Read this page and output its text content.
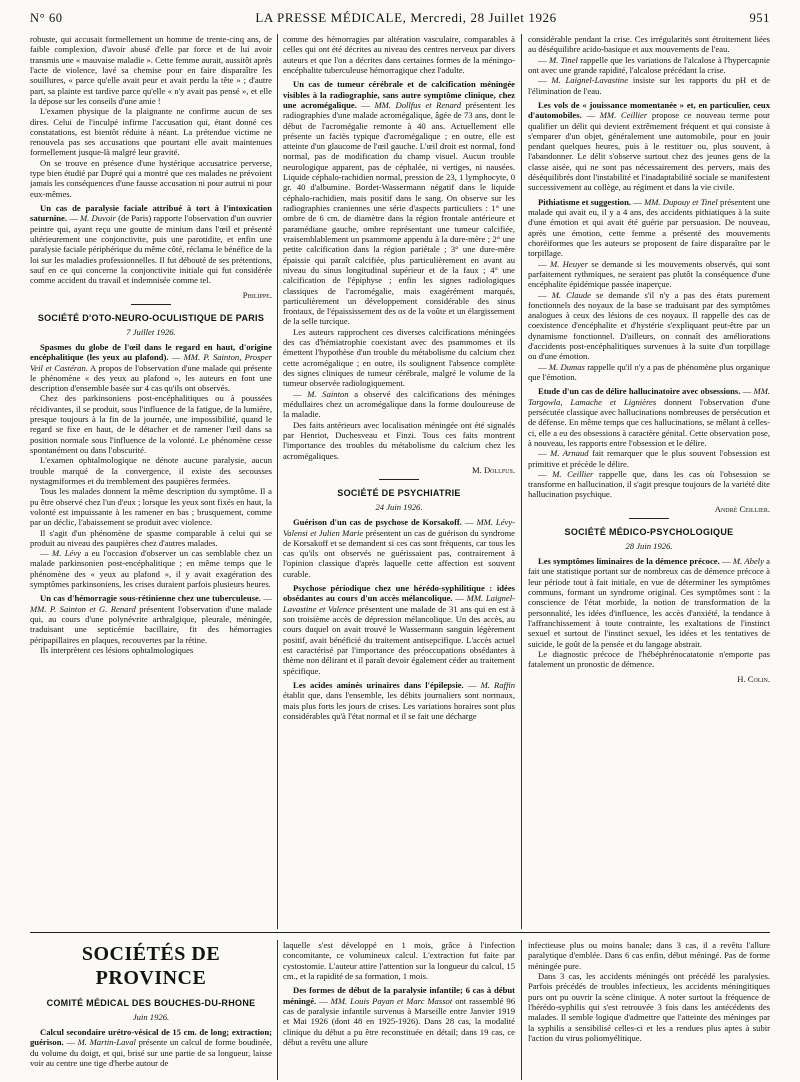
N° 60	LA PRESSE MÉDICALE, Mercredi, 28 Juillet 1926	951

robuste, qui accusait formellement un homme de trente-cinq ans, de faible complexion, d'avoir abusé d'elle par force et de lui avoir transmis une « mauvaise maladie ». Cette femme aurait, aussitôt après l'acte de violence, lavé sa chemise pour en faire disparaître les souillures, « parce qu'elle avait peur et avait perdu la tête » ; d'autre part, sa plainte est tardive parce qu'elle « n'y avait pas pensé », et elle la dépose sur les conseils d'une amie !

L'examen physique de la plaignante ne confirme aucun de ses dires. Celui de l'inculpé infirme l'accusation qui, étant donné ces constatations, est bientôt réduite à néant. La prétendue victime ne renouvela pas ses accusations que pourtant elle avait maintenues formellement jusque-là malgré leur gravité.

On se trouve en présence d'une hystérique accusatrice perverse, type bien étudié par Dupré qui a montré que ces malades ne prévoient jamais les conséquences d'une fausse accusation ni pour autrui ni pour eux-mêmes.

Un cas de paralysie faciale attribué à tort à l'intoxication saturnine. — M. Duvoir (de Paris) rapporte l'observation d'un ouvrier peintre qui, ayant reçu une goutte de minium dans l'œil et présenté ultérieurement une conjonctivite, puis une parotidite, et enfin une paralysie faciale périphérique du même côté, réclama le bénéfice de la loi sur les maladies professionnelles. Il fut débouté de ses prétentions, sauf en ce qui concerne la conjonctivite initiale qui fut considérée comme accident du travail et indemnisée comme tel.

Philippe.
SOCIÉTÉ D'OTO-NEURO-OCULISTIQUE DE PARIS
7 Juillet 1926.

Spasmes du globe de l'œil dans le regard en haut, d'origine encéphalitique (les yeux au plafond). — MM. P. Sainton, Prosper Veil et Castéran. A propos de l'observation d'une malade qui présente le phénomène « des yeux au plafond », les auteurs en font une description d'ensemble basée sur 4 cas qu'ils ont observés.

Chez des parkinsoniens post-encéphalitiques ou à poussées récidivantes, il se produit, sous l'influence de la fatigue, de la lumière, presque toujours à la fin de la journée, une impossibilité, quand le regard se fixe en haut, de le détacher et de ramener l'œil dans sa position normale sous l'influence de la volonté. Le phénomène cesse spontanément ou dans l'obscurité.

L'examen ophtalmologique ne dénote aucune paralysie, aucun trouble marqué de la convergence, il existe des secousses nystagmiformes et du tremblement des paupières fermées.

Tous les malades donnent la même description du symptôme. Il a pu être observé chez l'un d'eux ; lorsque les yeux sont fixés en haut, la volonté est impuissante à les ramener en bas ; brusquement, comme par un déclic, l'abaissement se produit avec violence.

Il s'agit d'un phénomène de spasme comparable à celui qui se produit au niveau des paupières chez d'autres malades.

— M. Lévy a eu l'occasion d'observer un cas semblable chez un malade parkinsonien post-encéphalitique ; en même temps que le phénomène des « yeux au plafond », il y avait exagération des symptômes parkinsoniens, les crises duraient parfois plusieurs heures.

Un cas d'hémorragie sous-rétinienne chez une tuberculeuse. — MM. P. Sainton et G. Renard présentent l'observation d'une malade qui, au cours d'une polynévrite arthralgique, pleurale, méningée, traduisant une septicémie bacillaire, fit des hémorragies péripapillaires en plaques, recouvertes par la rétine.

Ils interprètent ces lésions ophtalmologiques

comme des hémorragies par altération vasculaire, comparables à celles qui ont été décrites au niveau des centres nerveux par divers auteurs et que l'on a décrites dans certaines formes de la méningo-encéphalite tuberculeuse hémorragique chez l'adulte.

Un cas de tumeur cérébrale et de calcification méningée visibles à la radiographie, sans autre symptôme clinique, chez une acromégalique. — MM. Dollfus et Renard présentent les radiographies d'une malade acromégalique, âgée de 73 ans, dont le début de l'acromégalie remonte à 40 ans. Actuellement elle présente un faciès typique d'acromégalique ; en outre, elle est atteinte d'un glaucome de l'œil gauche. L'œil droit est normal, fond normal, pas de modification du champ visuel. Aucun trouble neurologique apparent, pas de céphalée, ni vertiges, ni nausées. Liquide céphalo-rachidien normal, pression de 23, 1 lymphocyte, 0 gr. 40 d'albumine. Bordet-Wassermann négatif dans le liquide céphalo-rachidien, mais positif dans le sang. On observe sur les radiographies craniennes une série d'aspects particuliers : 1° une ombre de 6 cm. de diamètre dans la région frontale antérieure et paramédiane gauche, ombre représentant une tumeur calcifiée, vraisemblablement un psammome appendu à la dure-mère ; 2° une petite calcification dans la région pariétale ; 3° une dure-mère épaissie qui paraît calcifiée, plus particulièrement en avant au niveau du sinus longitudinal supérieur et de la faux ; 4° une calcification de l'épiphyse ; enfin les signes radiologiques classiques de l'acromégalie, mais exagérément marqués, particulièrement un développement considérable des sinus frontaux, de l'épaississement des os de la voûte et un élargissement de la selle turcique.

Les auteurs rapprochent ces diverses calcifications méningées des cas d'hémiatrophie coexistant avec des psammomes et ils émettent l'hypothèse d'un trouble du métabolisme du calcium chez cette acromégalique ; en outre, ils soulignent l'absence complète des signes cliniques de tumeur cérébrale, malgré le volume de la tumeur observée radiologiquement.

— M. Sainton a observé des calcifications des méninges médullaires chez un acromégalique dans la forme douloureuse de la maladie.

Des faits antérieurs avec localisation méningée ont été signalés par Henriot, Duchesveau et Finzi. Tous ces faits montrent l'importance des troubles du métabolisme du calcium chez les acromégaliques.

M. Dollfus.
SOCIÉTÉ DE PSYCHIATRIE
24 Juin 1926.

Guérison d'un cas de psychose de Korsakoff. — MM. Lévy-Valensi et Julien Marie présentent un cas de guérison du syndrome de Korsakoff et se demandent si ces cas sont fréquents, car tous les cas qu'ils ont observés ne guérissaient pas, contrairement à l'opinion classique d'après laquelle cette affection est souvent curable.

Psychose périodique chez une hérédo-syphilitique : idées obsédantes au cours d'un accès mélancolique. — MM. Laignel-Lavastine et Valence présentent une malade de 31 ans qui en est à son troisième accès de dépression mélancolique. Un des accès, au cours duquel on avait trouvé le Wassermann sanguin légèrement positif, avait bénéficié du traitement antisepcifique. L'accès actuel est caractérisé par l'importance des préoccupations obsédantes à thème non délirant et il paraît devoir également céder au traitement spécifique.

Les acides aminés urinaires dans l'épilepsie. — M. Raffin établit que, dans l'ensemble, les débits journaliers sont normaux, mais plus forts les jours de crises. Les variations horaires sont plus considérables qu'à l'état normal et il se fait une décharge

considérable pendant la crise. Ces irrégularités sont étroitement liées au déséquilibre acido-basique et aux mouvements de l'eau.

— M. Tinel rappelle que les variations de l'alcalose à l'hypercapnie ont avec une grande rapidité, l'alcalose précédant la crise.

— M. Laignel-Lavastine insiste sur les rapports du pH et de l'élimination de l'eau.

Les vols de « jouissance momentanée » et, en particulier, ceux d'automobiles. — MM. Ceillier propose ce nouveau terme pour qualifier un délit qui devient extrêmement fréquent et qui consiste à s'emparer d'un objet, généralement une automobile, pour en jouir pendant quelques heures, puis à le restituer ou, plus souvent, à l'abandonner. Le délit s'observe surtout chez des jeunes gens de la classe aisée, qui ne sont pas nécessairement des pervers, mais des déséquilibrés dont l'instabilité et l'inadaptabilité sociale se manifestent successivement au collège, au régiment et dans la vie civile.

Pithiatisme et suggestion. — MM. Dupouy et Tinel présentent une malade qui avait eu, il y a 4 ans, des accidents pithiatiques à la suite d'une émotion et qui avait été guérie par persuasion. De nouveau, après une émotion, cette femme a présenté des mouvements choréiformes que les auteurs se proposent de faire disparaître par le torpillage.

— M. Heuyer se demande si les mouvements observés, qui sont parfaitement rythmiques, ne seraient pas plutôt la conséquence d'une encéphalite épidémique passée inaperçue.

— M. Claude se demande s'il n'y a pas des états purement fonctionnels des noyaux de la base se traduisant par des symptômes analogues à ceux des lésions de ces noyaux. Il rappelle des cas de coexistence d'encéphalite et d'hystérie s'expliquant peut-être par un dynamisme fonctionnel. D'ailleurs, on connaît des améliorations d'accidents post-encéphalitiques survenues à la suite d'un torpillage ou d'une émotion.

— M. Dumas rappelle qu'il n'y a pas de phénomène plus organique que l'émotion.

Etude d'un cas de délire hallucinatoire avec obsessions. — MM. Targowla, Lamache et Lignières donnent l'observation d'une persécutée classique avec hallucinations nombreuses de persécution et de défense. En même temps que ces hallucinations, se mêlant à celles-ci, elle a eu des obsessions à caractère génital. Cette observation pose, à nouveau, les rapports entre l'obsession et le délire.

— M. Arnaud fait remarquer que le plus souvent l'obsession est primitive et précède le délire.

— M. Ceillier rappelle que, dans les cas où l'obsession se transforme en hallucination, il s'agit presque toujours de la variété dite hallucination psychique.

André Ceillier.
SOCIÉTÉ MÉDICO-PSYCHOLOGIQUE
28 Juin 1926.

Les symptômes liminaires de la démence précoce. — M. Abely a fait une statistique portant sur de nombreux cas de démence précoce à leur période tout à fait initiale, en vue de déterminer les symptômes communs, formant un syndrome original. Ces symptômes sont : la conscience de l'état morbide, la notion de transformation de la personnalité, les idées d'influence, les accès d'anxiété, la tendance à l'affranchissement à toute contrainte, les exaltations de l'instinct sexuel et surtout de l'instinct sexuel, les idées et les tentatives de suicide, le goût de la pensée et du langage abstrait.

Le diagnostic précoce de l'hébéphrénocatatonie n'emporte pas fatalement un pronostic de démence.

H. Colin.
SOCIÉTÉS DE PROVINCE
COMITÉ MÉDICAL DES BOUCHES-DU-RHONE
Juin 1926.

Calcul secondaire urétro-vésical de 15 cm. de long; extraction; guérison. — M. Martin-Laval présente un calcul de forme boudinée, du volume du doigt, et qui, brisé sur une partie de sa longueur, laisse voir au centre une tige d'herbe autour de

laquelle s'est développé en 1 mois, grâce à l'infection concomitante, ce volumineux calcul. L'extraction fut faite par cystostomie. L'auteur attire l'attention sur la longueur du calcul, 15 cm., et la rapidité de sa formation, 1 mois.

Des formes de début de la paralysie infantile; 6 cas à début méningé. — MM. Louis Payan et Marc Massot ont rassemblé 96 cas de paralysie infantile survenus à Marseille entre Janvier 1919 et Mai 1926 (dont 48 en 1925-1926). Dans 28 cas, la modalité clinique du début a pu être reconstituée en détail; dans 19 cas, ce début a revêtu une allure

infectieuse plus ou moins banale; dans 3 cas, il a revêtu l'allure paralytique d'emblée. Dans 6 cas enfin, début méningé. Pas de forme méningée pure.

Dans 3 cas, les accidents méningés ont précédé les paralysies. Parfois précédés de troubles infectieux, les accidents méningitiques purs ont pu ouvrir la scène clinique. A noter surtout la fréquence de l'hérédo-syphilis qui s'est retrouvée 3 fois dans les antécédents des malades. Il semble logique d'admettre que l'atteinte des méninges par la syphilis a sensibilisé celles-ci et les a rendues plus aptes à subir l'action du virus poliomyélitique.
